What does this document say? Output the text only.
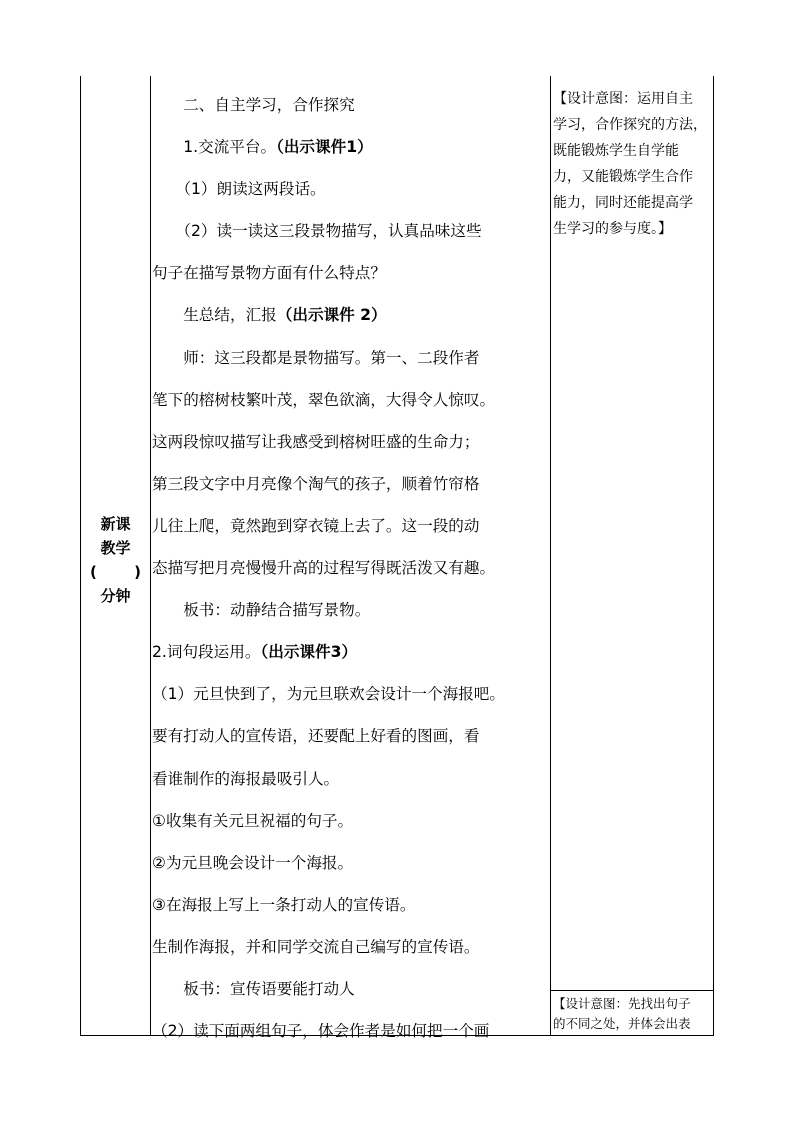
新课
教学
( )
分钟

　　二、自主学习，合作探究

　　1.交流平台。（出示课件1）

　　（1）朗读这两段话。

　　（2）读一读这三段景物描写，认真品味这些

句子在描写景物方面有什么特点？

　　生总结，汇报（出示课件 2）

　　师：这三段都是景物描写。第一、二段作者

笔下的榕树枝繁叶茂，翠色欲滴，大得令人惊叹。

这两段惊叹描写让我感受到榕树旺盛的生命力；

第三段文字中月亮像个淘气的孩子，顺着竹帘格

儿往上爬，竟然跑到穿衣镜上去了。这一段的动

态描写把月亮慢慢升高的过程写得既活泼又有趣。

　　板书：动静结合描写景物。

2.词句段运用。（出示课件3）

（1）元旦快到了，为元旦联欢会设计一个海报吧。

要有打动人的宣传语，还要配上好看的图画，看

看谁制作的海报最吸引人。

①收集有关元旦祝福的句子。

②为元旦晚会设计一个海报。

③在海报上写上一条打动人的宣传语。

生制作海报，并和同学交流自己编写的宣传语。

　　板书：宣传语要能打动人

（2）读下面两组句子，体会作者是如何把一个画

【设计意图：运用自主

学习，合作探究的方法，

既能锻炼学生自学能

力，又能锻炼学生合作

能力，同时还能提高学

生学习的参与度。】

【设计意图：先找出句子

的不同之处，并体会出表
